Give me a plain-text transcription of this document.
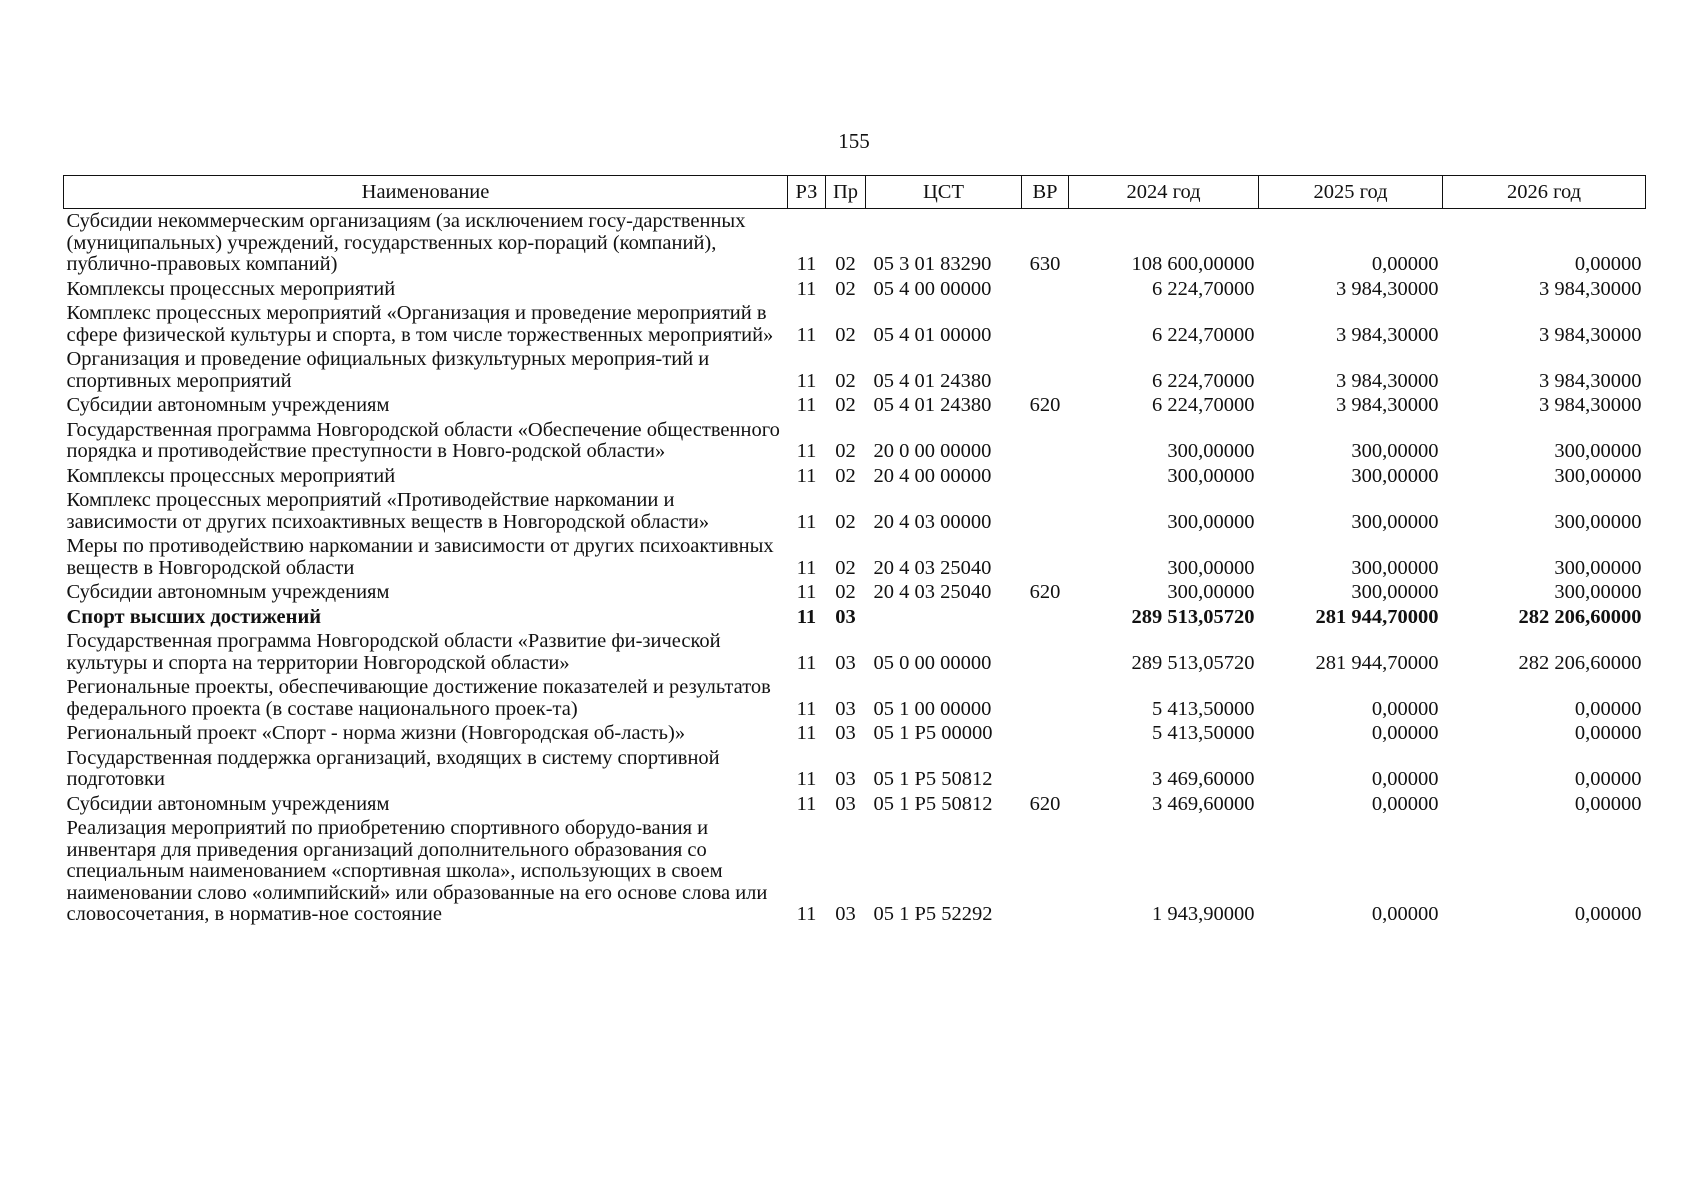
155
Наименование	РЗ	Пр	ЦСТ	ВР	2024 год	2025 год	2026 год
Субсидии некоммерческим организациям (за исключением госу-дарственных (муниципальных) учреждений, государственных кор-пораций (компаний), публично-правовых компаний)	11	02	05 3 01 83290	630	108 600,00000	0,00000	0,00000
Комплексы процессных мероприятий	11	02	05 4 00 00000		6 224,70000	3 984,30000	3 984,30000
Комплекс процессных мероприятий «Организация и проведение мероприятий в сфере физической культуры и спорта, в том числе торжественных мероприятий»	11	02	05 4 01 00000		6 224,70000	3 984,30000	3 984,30000
Организация и проведение официальных физкультурных мероприя-тий и спортивных мероприятий	11	02	05 4 01 24380		6 224,70000	3 984,30000	3 984,30000
Субсидии автономным учреждениям	11	02	05 4 01 24380	620	6 224,70000	3 984,30000	3 984,30000
Государственная программа Новгородской области «Обеспечение общественного порядка и противодействие преступности в Новго-родской области»	11	02	20 0 00 00000		300,00000	300,00000	300,00000
Комплексы процессных мероприятий	11	02	20 4 00 00000		300,00000	300,00000	300,00000
Комплекс процессных мероприятий «Противодействие наркомании и зависимости от других психоактивных веществ в Новгородской области»	11	02	20 4 03 00000		300,00000	300,00000	300,00000
Меры по противодействию наркомании и зависимости от других психоактивных веществ в Новгородской области	11	02	20 4 03 25040		300,00000	300,00000	300,00000
Субсидии автономным учреждениям	11	02	20 4 03 25040	620	300,00000	300,00000	300,00000
Спорт высших достижений	11	03			289 513,05720	281 944,70000	282 206,60000
Государственная программа Новгородской области «Развитие фи-зической культуры и спорта на территории Новгородской области»	11	03	05 0 00 00000		289 513,05720	281 944,70000	282 206,60000
Региональные проекты, обеспечивающие достижение показателей и результатов федерального проекта (в составе национального проек-та)	11	03	05 1 00 00000		5 413,50000	0,00000	0,00000
Региональный проект «Спорт - норма жизни (Новгородская об-ласть)»	11	03	05 1 Р5 00000		5 413,50000	0,00000	0,00000
Государственная поддержка организаций, входящих в систему спортивной подготовки	11	03	05 1 Р5 50812		3 469,60000	0,00000	0,00000
Субсидии автономным учреждениям	11	03	05 1 Р5 50812	620	3 469,60000	0,00000	0,00000
Реализация мероприятий по приобретению спортивного оборудо-вания и инвентаря для приведения организаций дополнительного образования со специальным наименованием «спортивная школа», использующих в своем наименовании слово «олимпийский» или образованные на его основе слова или словосочетания, в норматив-ное состояние	11	03	05 1 Р5 52292		1 943,90000	0,00000	0,00000
